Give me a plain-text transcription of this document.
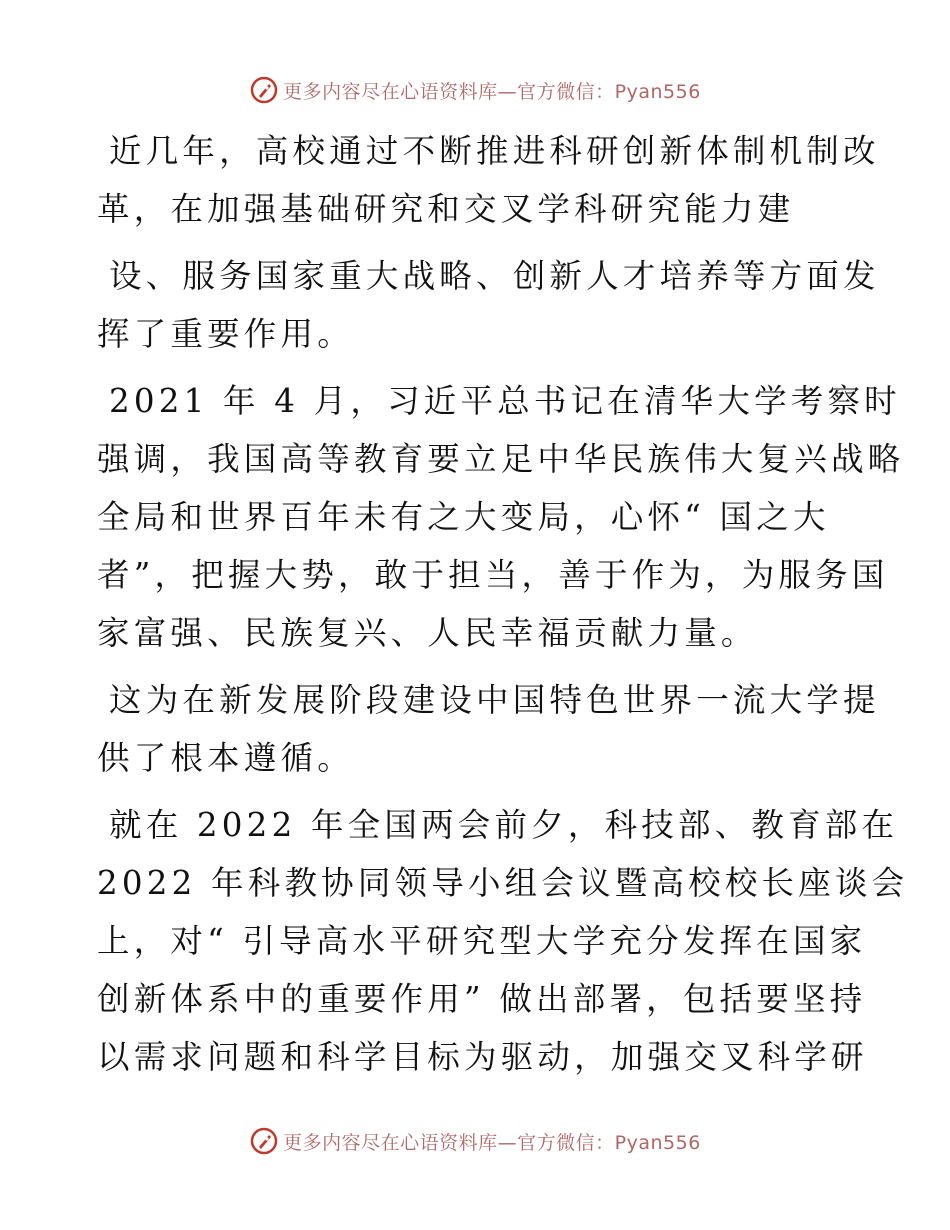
更多内容尽在心语资料库—官方微信：Pyan556

近几年，高校通过不断推进科研创新体制机制改
革，在加强基础研究和交叉学科研究能力建

设、服务国家重大战略、创新人才培养等方面发
挥了重要作用。

2021 年 4 月，习近平总书记在清华大学考察时
强调，我国高等教育要立足中华民族伟大复兴战略
全局和世界百年未有之大变局，心怀“ 国之大
者”，把握大势，敢于担当，善于作为，为服务国
家富强、民族复兴、人民幸福贡献力量。

这为在新发展阶段建设中国特色世界一流大学提
供了根本遵循。

就在 2022 年全国两会前夕，科技部、教育部在
2022 年科教协同领导小组会议暨高校校长座谈会
上，对“ 引导高水平研究型大学充分发挥在国家
创新体系中的重要作用” 做出部署，包括要坚持
以需求问题和科学目标为驱动，加强交叉科学研

更多内容尽在心语资料库—官方微信：Pyan556
